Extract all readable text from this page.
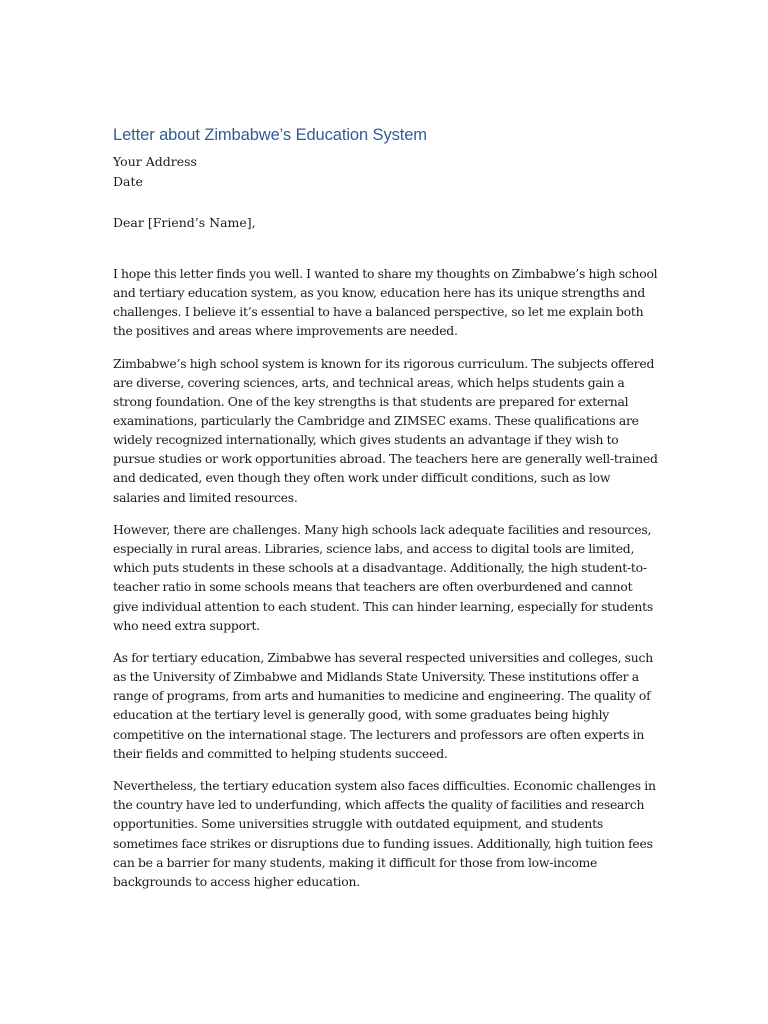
Letter about Zimbabwe’s Education System

Your Address

Date

Dear [Friend’s Name],

I hope this letter finds you well. I wanted to share my thoughts on Zimbabwe’s high school and tertiary education system, as you know, education here has its unique strengths and challenges. I believe it’s essential to have a balanced perspective, so let me explain both the positives and areas where improvements are needed.

Zimbabwe’s high school system is known for its rigorous curriculum. The subjects offered are diverse, covering sciences, arts, and technical areas, which helps students gain a strong foundation. One of the key strengths is that students are prepared for external examinations, particularly the Cambridge and ZIMSEC exams. These qualifications are widely recognized internationally, which gives students an advantage if they wish to pursue studies or work opportunities abroad. The teachers here are generally well-trained and dedicated, even though they often work under difficult conditions, such as low salaries and limited resources.

However, there are challenges. Many high schools lack adequate facilities and resources, especially in rural areas. Libraries, science labs, and access to digital tools are limited, which puts students in these schools at a disadvantage. Additionally, the high student-to-teacher ratio in some schools means that teachers are often overburdened and cannot give individual attention to each student. This can hinder learning, especially for students who need extra support.

As for tertiary education, Zimbabwe has several respected universities and colleges, such as the University of Zimbabwe and Midlands State University. These institutions offer a range of programs, from arts and humanities to medicine and engineering. The quality of education at the tertiary level is generally good, with some graduates being highly competitive on the international stage. The lecturers and professors are often experts in their fields and committed to helping students succeed.

Nevertheless, the tertiary education system also faces difficulties. Economic challenges in the country have led to underfunding, which affects the quality of facilities and research opportunities. Some universities struggle with outdated equipment, and students sometimes face strikes or disruptions due to funding issues. Additionally, high tuition fees can be a barrier for many students, making it difficult for those from low-income backgrounds to access higher education.
